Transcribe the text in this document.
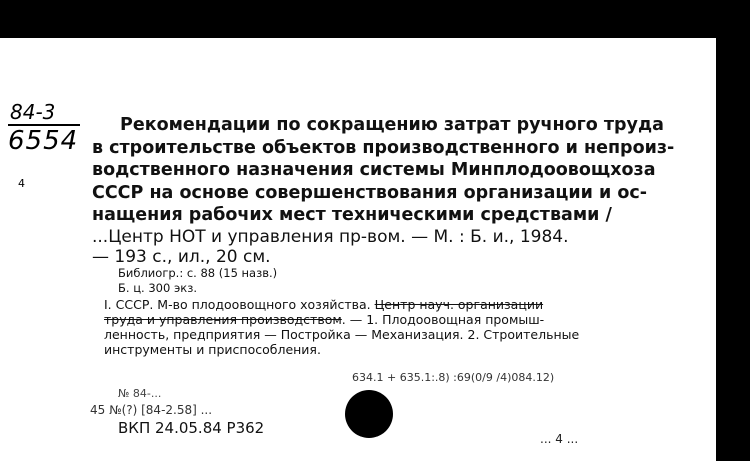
84-3
6554
4
Рекомендации по сокращению затрат ручного труда
в строительстве объектов производственного и непроиз-
водственного назначения системы Минплодоовощхоза
СССР на основе совершенствования организации и ос-
нащения рабочих мест техническими средствами /
...Центр НОТ и управления пр-вом. — М. : Б. и., 1984.
— 193 с., ил., 20 см.
Библиогр.: с. 88 (15 назв.)
Б. ц. 300 экз.
I. СССР. М-во плодоовощного хозяйства. Центр науч. организации
труда и управления производством. — 1. Плодоовощная промыш-
ленность, предприятия — Постройка — Механизация. 2. Строительные
инструменты и приспособления.
634.1 + 635.1:.8) :69(0/9 /4)084.12)
№ 84-...
45 №(?) [84-2.58] ...
ВКП 24.05.84 Р362
... 4 ...
